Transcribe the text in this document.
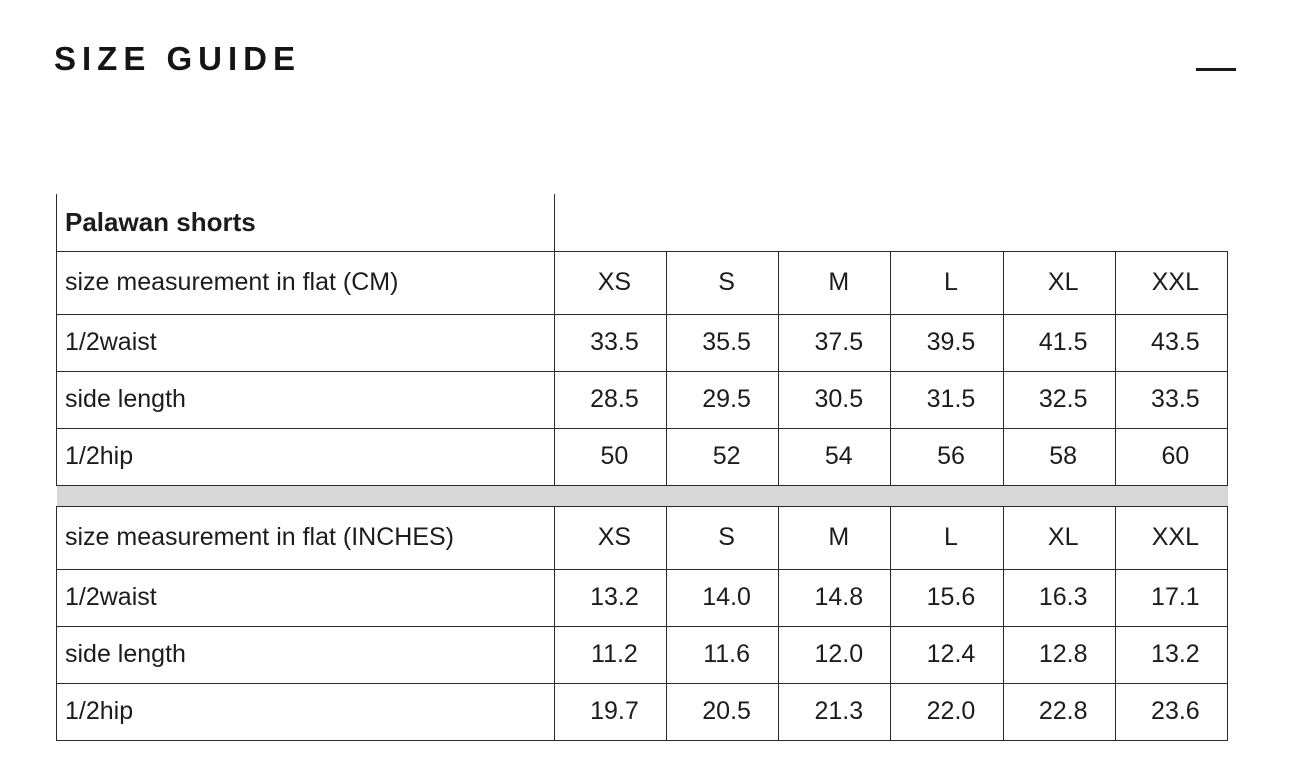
SIZE GUIDE
Palawan shorts						
size measurement in flat (CM)	XS	S	M	L	XL	XXL
1/2waist	33.5	35.5	37.5	39.5	41.5	43.5
side length	28.5	29.5	30.5	31.5	32.5	33.5
1/2hip	50	52	54	56	58	60

size measurement in flat (INCHES)	XS	S	M	L	XL	XXL
1/2waist	13.2	14.0	14.8	15.6	16.3	17.1
side length	11.2	11.6	12.0	12.4	12.8	13.2
1/2hip	19.7	20.5	21.3	22.0	22.8	23.6
